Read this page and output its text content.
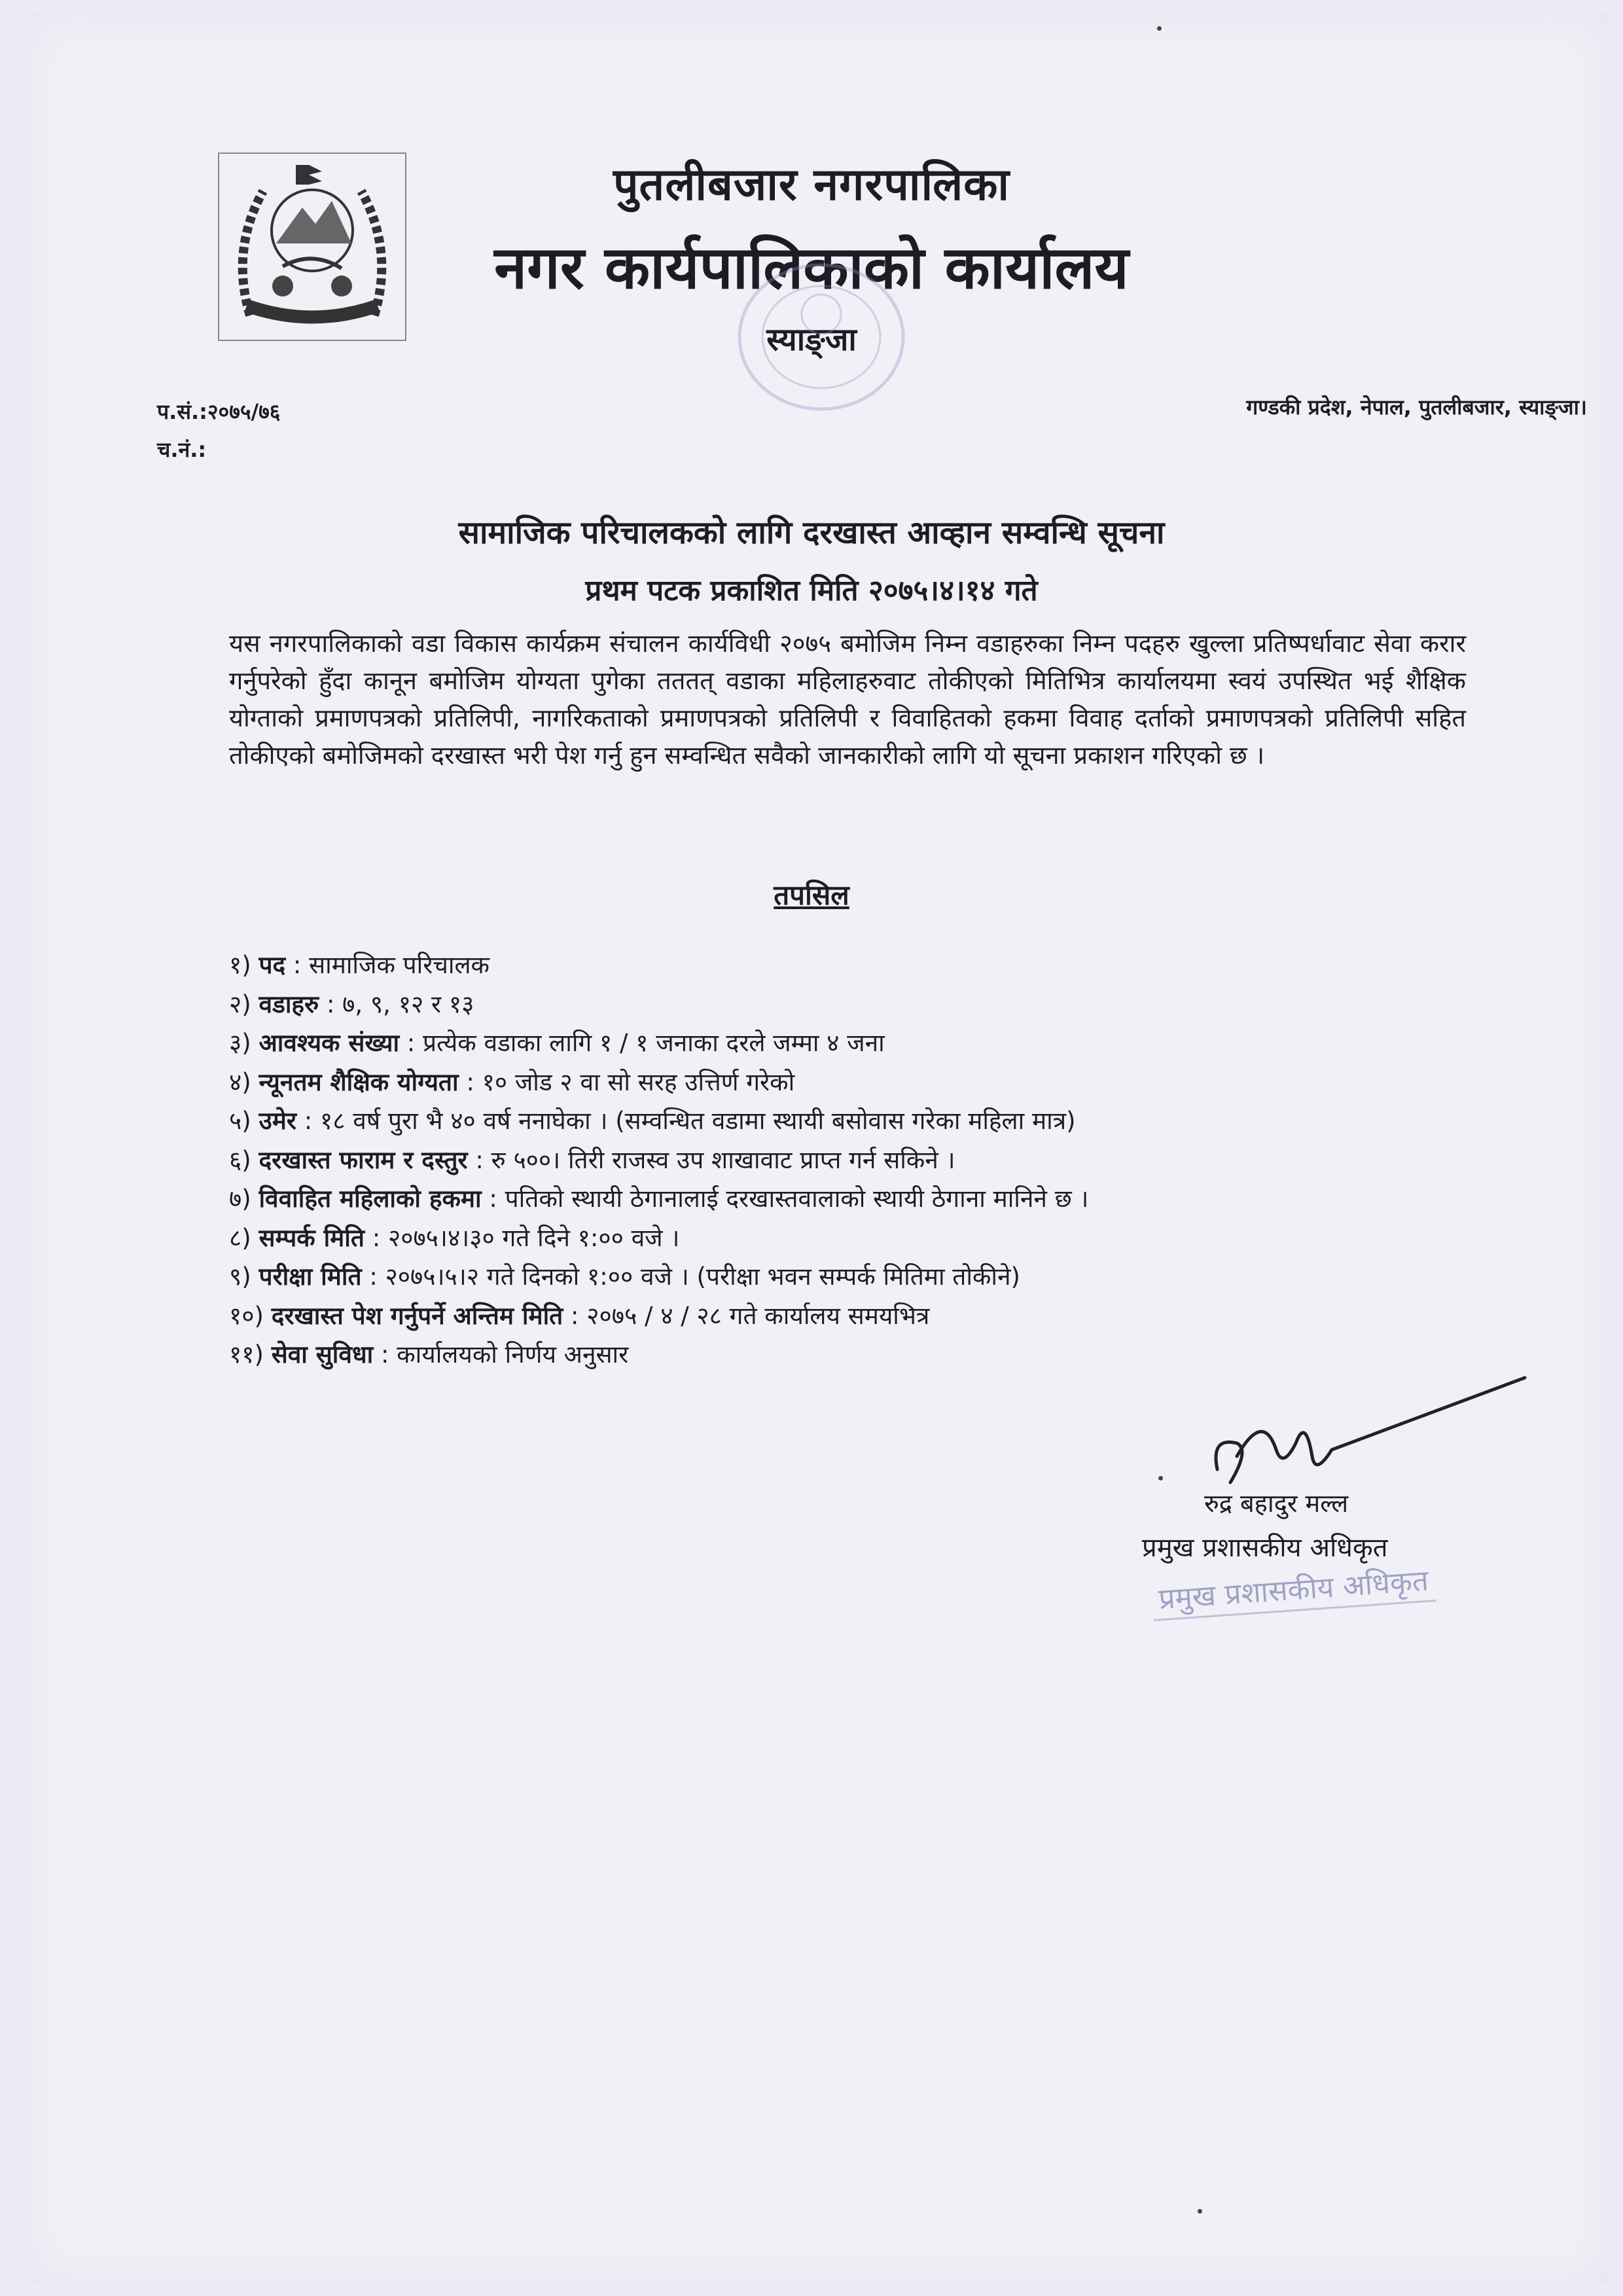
पुतलीबजार नगरपालिका
नगर कार्यपालिकाको कार्यालय
स्याङ्जा
प.सं.:२०७५/७६
च.नं.:
गण्डकी प्रदेश, नेपाल, पुतलीबजार, स्याङ्जा।
सामाजिक परिचालकको लागि दरखास्त आव्हान सम्वन्धि सूचना
प्रथम पटक प्रकाशित मिति २०७५।४।१४ गते
यस नगरपालिकाको वडा विकास कार्यक्रम संचालन कार्यविधी २०७५ बमोजिम निम्न वडाहरुका निम्न पदहरु खुल्ला प्रतिष्पर्धावाट सेवा करार गर्नुपरेको हुँदा कानून बमोजिम योग्यता पुगेका तततत् वडाका महिलाहरुवाट तोकीएको मितिभित्र कार्यालयमा स्वयं उपस्थित भई शैक्षिक योग्ताको प्रमाणपत्रको प्रतिलिपी, नागरिकताको प्रमाणपत्रको प्रतिलिपी र विवाहितको हकमा विवाह दर्ताको प्रमाणपत्रको प्रतिलिपी सहित तोकीएको बमोजिमको दरखास्त भरी पेश गर्नु हुन सम्वन्धित सवैको जानकारीको लागि यो सूचना प्रकाशन गरिएको छ ।
तपसिल
१) पद : सामाजिक परिचालक
२) वडाहरु : ७, ९, १२ र १३
३) आवश्यक संख्या : प्रत्येक वडाका लागि १ / १ जनाका दरले जम्मा ४ जना
४) न्यूनतम शैक्षिक योग्यता : १० जोड २ वा सो सरह उत्तिर्ण गरेको
५) उमेर : १८ वर्ष पुरा भै ४० वर्ष ननाघेका । (सम्वन्धित वडामा स्थायी बसोवास गरेका महिला मात्र)
६) दरखास्त फाराम र दस्तुर : रु ५००। तिरी राजस्व उप शाखावाट प्राप्त गर्न सकिने ।
७) विवाहित महिलाको हकमा : पतिको स्थायी ठेगानालाई दरखास्तवालाको स्थायी ठेगाना मानिने छ ।
८) सम्पर्क मिति : २०७५।४।३० गते दिने १:०० वजे ।
९) परीक्षा मिति : २०७५।५।२ गते दिनको १:०० वजे । (परीक्षा भवन सम्पर्क मितिमा तोकीने)
१०) दरखास्त पेश गर्नुपर्ने अन्तिम मिति : २०७५ / ४ / २८ गते कार्यालय समयभित्र
११) सेवा सुविधा : कार्यालयको निर्णय अनुसार
रुद्र बहादुर मल्ल
प्रमुख प्रशासकीय अधिकृत
प्रमुख प्रशासकीय अधिकृत
